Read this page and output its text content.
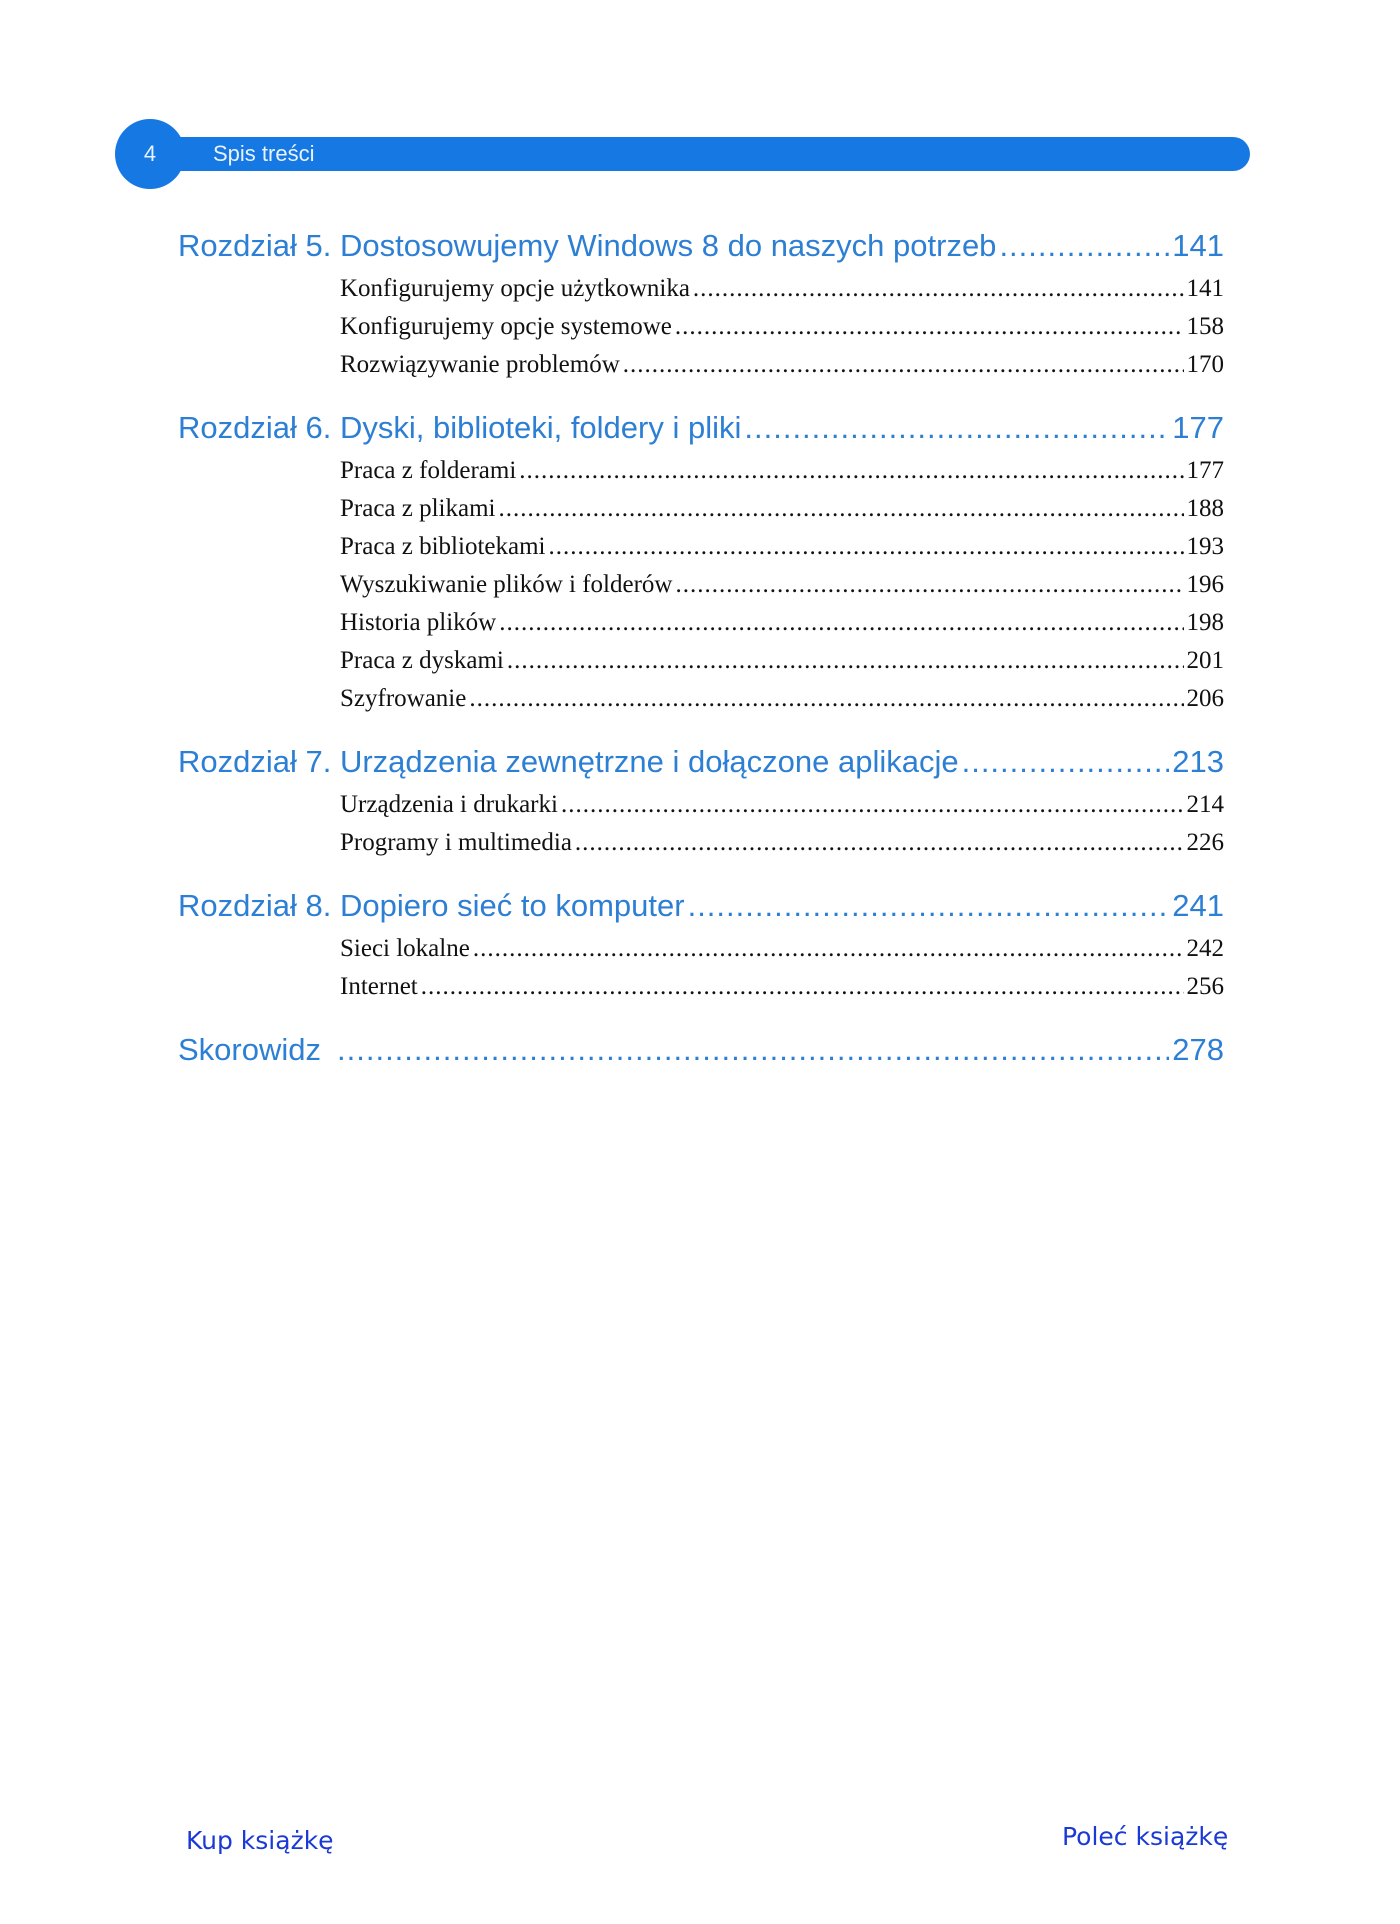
4	Spis treści
Rozdział 5. Dostosowujemy Windows 8 do naszych potrzeb .....	141
Konfigurujemy opcje użytkownika .....	141
Konfigurujemy opcje systemowe .....	158
Rozwiązywanie problemów .....	170
Rozdział 6. Dyski, biblioteki, foldery i pliki .....	177
Praca z folderami .....	177
Praca z plikami .....	188
Praca z bibliotekami .....	193
Wyszukiwanie plików i folderów .....	196
Historia plików .....	198
Praca z dyskami .....	201
Szyfrowanie .....	206
Rozdział 7. Urządzenia zewnętrzne i dołączone aplikacje .....	213
Urządzenia i drukarki .....	214
Programy i multimedia .....	226
Rozdział 8. Dopiero sieć to komputer .....	241
Sieci lokalne .....	242
Internet .....	256
Skorowidz .....	278
Kup książkę	Poleć książkę
